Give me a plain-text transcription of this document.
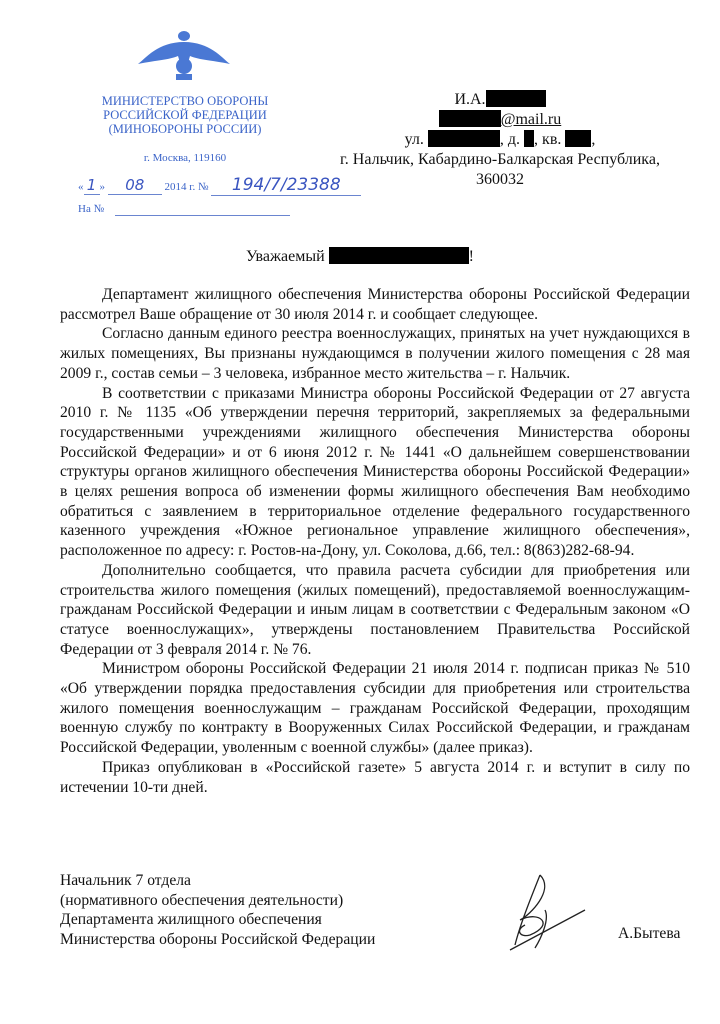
МИНИСТЕРСТВО ОБОРОНЫ
РОССИЙСКОЙ ФЕДЕРАЦИИ
(МИНОБОРОНЫ РОССИИ)
г. Москва, 119160
« 1 » 08 2014 г. № 194/7/23388
На №
И.А.
@mail.ru
ул.	, д. , кв. ,
г. Нальчик, Кабардино-Балкарская Республика,
360032
Уважаемый	!

Департамент жилищного обеспечения Министерства обороны Российской Федерации рассмотрел Ваше обращение от 30 июля 2014 г. и сообщает следующее.

Согласно данным единого реестра военнослужащих, принятых на учет нуждающихся в жилых помещениях, Вы признаны нуждающимся в получении жилого помещения с 28 мая 2009 г., состав семьи – 3 человека, избранное место жительства – г. Нальчик.

В соответствии с приказами Министра обороны Российской Федерации от 27 августа 2010 г. № 1135 «Об утверждении перечня территорий, закрепляемых за федеральными государственными учреждениями жилищного обеспечения Министерства обороны Российской Федерации» и от 6 июня 2012 г. № 1441 «О дальнейшем совершенствовании структуры органов жилищного обеспечения Министерства обороны Российской Федерации» в целях решения вопроса об изменении формы жилищного обеспечения Вам необходимо обратиться с заявлением в территориальное отделение федерального государственного казенного учреждения «Южное региональное управление жилищного обеспечения», расположенное по адресу: г. Ростов-на-Дону, ул. Соколова, д.66, тел.: 8(863)282-68-94.

Дополнительно сообщается, что правила расчета субсидии для приобретения или строительства жилого помещения (жилых помещений), предоставляемой военнослужащим-гражданам Российской Федерации и иным лицам в соответствии с Федеральным законом «О статусе военнослужащих», утверждены постановлением Правительства Российской Федерации от 3 февраля 2014 г. № 76.

Министром обороны Российской Федерации 21 июля 2014 г. подписан приказ № 510 «Об утверждении порядка предоставления субсидии для приобретения или строительства жилого помещения военнослужащим – гражданам Российской Федерации, проходящим военную службу по контракту в Вооруженных Силах Российской Федерации, и гражданам Российской Федерации, уволенным с военной службы» (далее приказ).

Приказ опубликован в «Российской газете» 5 августа 2014 г. и вступит в силу по истечении 10-ти дней.

Начальник 7 отдела
(нормативного обеспечения деятельности)
Департамента жилищного обеспечения
Министерства обороны Российской Федерации	А.Бытева
